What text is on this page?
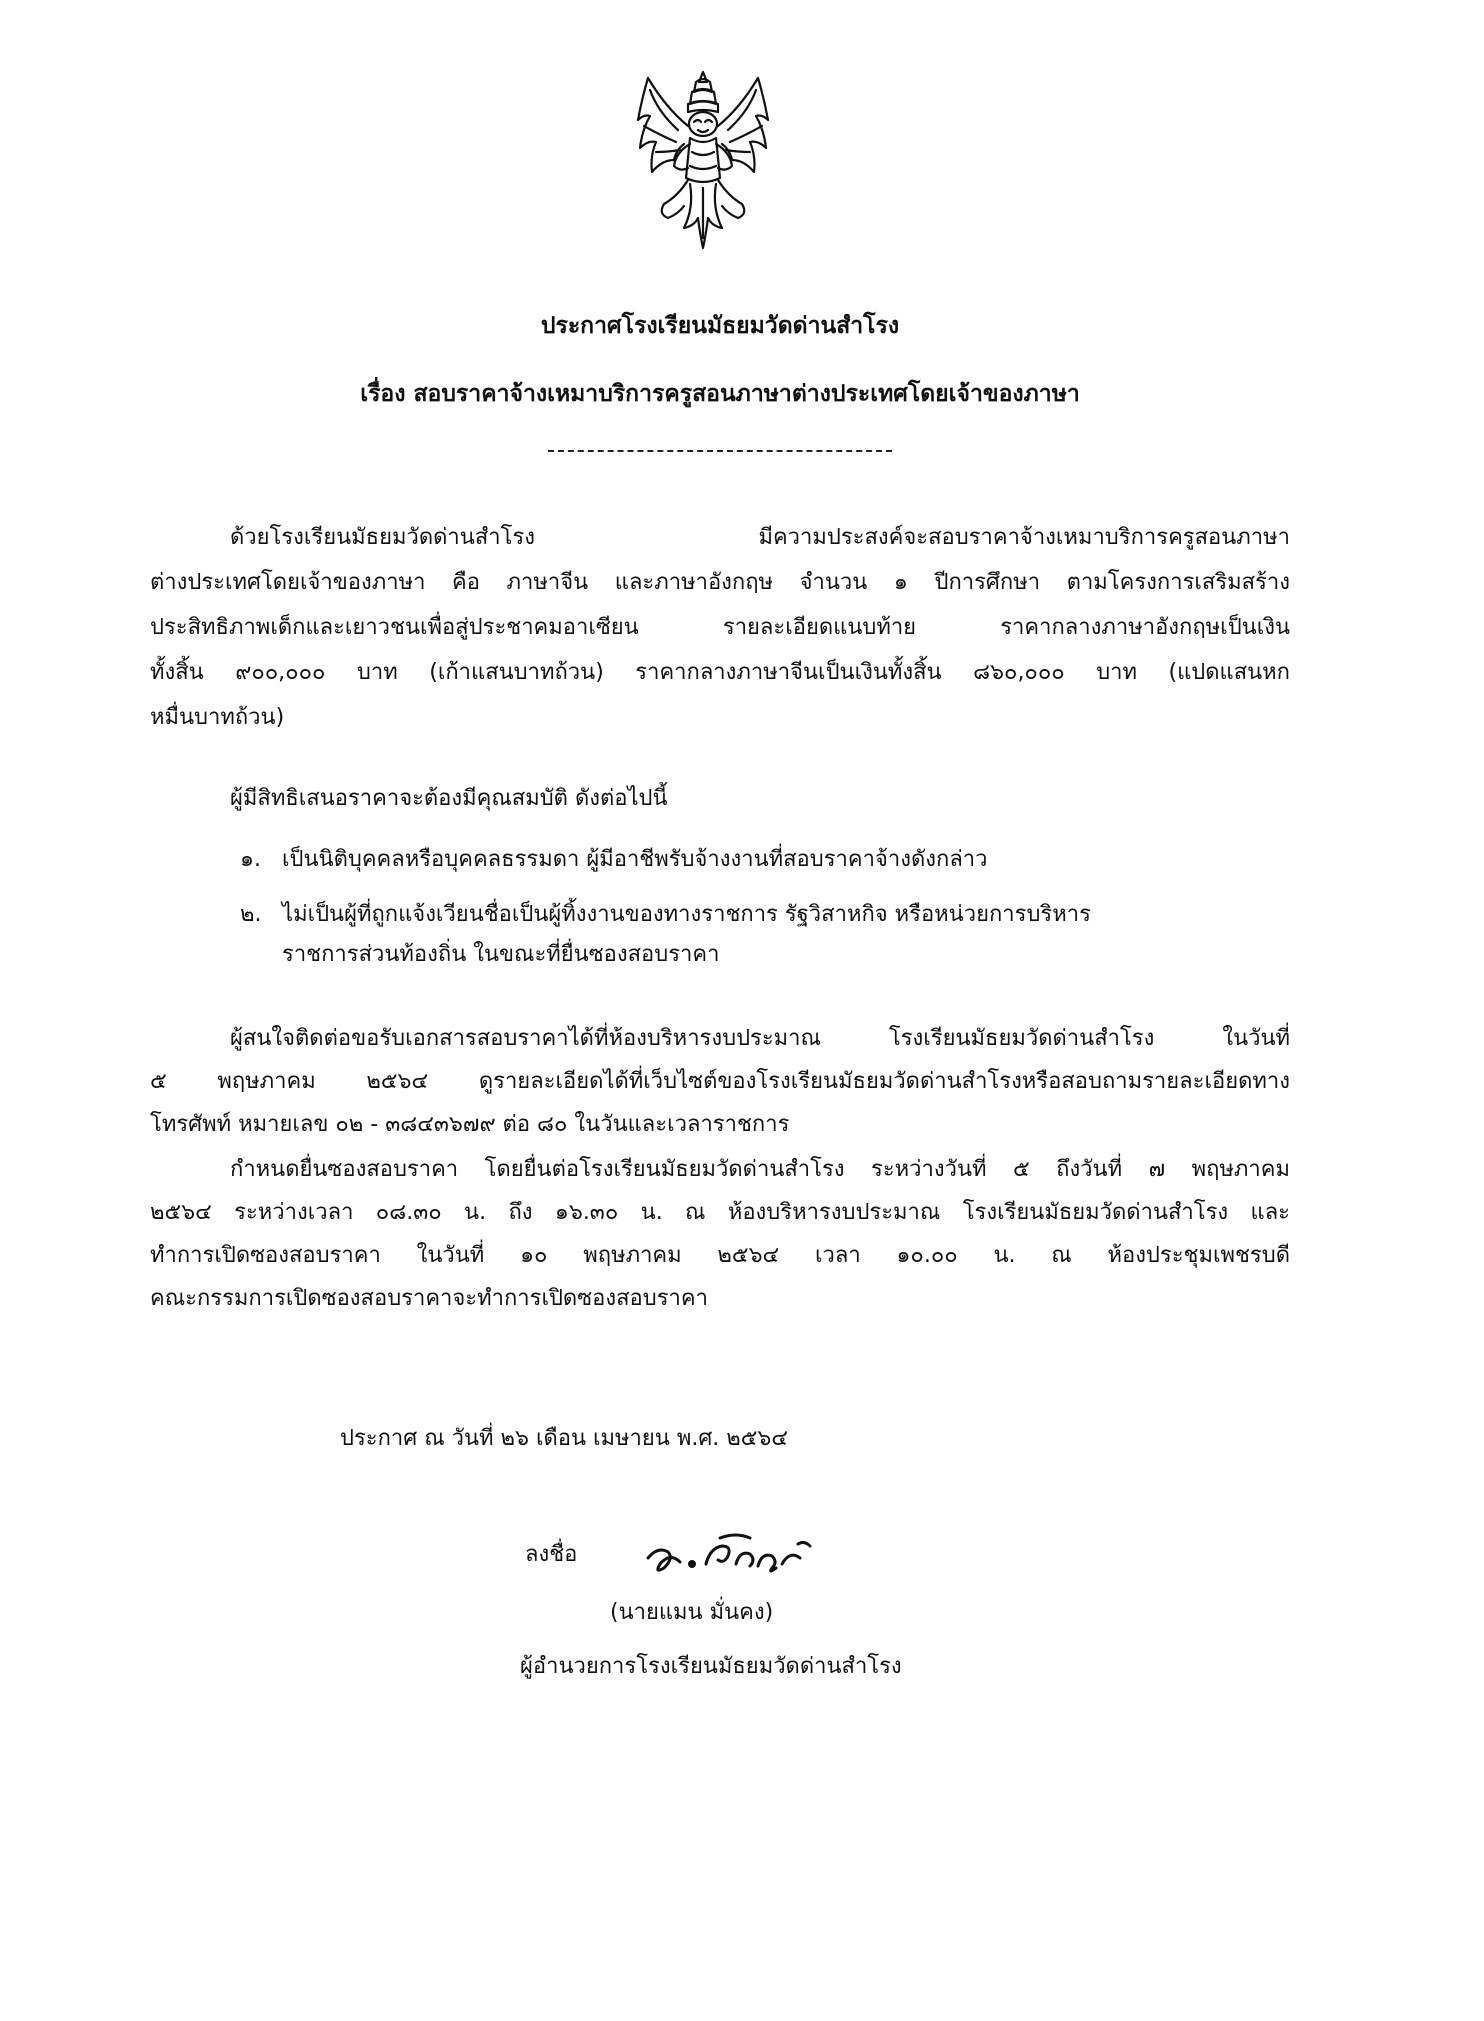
ประกาศโรงเรียนมัธยมวัดด่านสำโรง
เรื่อง สอบราคาจ้างเหมาบริการครูสอนภาษาต่างประเทศโดยเจ้าของภาษา
ด้วยโรงเรียนมัธยมวัดด่านสำโรง มีความประสงค์จะสอบราคาจ้างเหมาบริการครูสอนภาษา
ต่างประเทศโดยเจ้าของภาษา คือ ภาษาจีน และภาษาอังกฤษ จำนวน ๑ ปีการศึกษา ตามโครงการเสริมสร้าง
ประสิทธิภาพเด็กและเยาวชนเพื่อสู่ประชาคมอาเซียน รายละเอียดแนบท้าย ราคากลางภาษาอังกฤษเป็นเงิน
ทั้งสิ้น ๙๐๐,๐๐๐ บาท (เก้าแสนบาทถ้วน) ราคากลางภาษาจีนเป็นเงินทั้งสิ้น ๘๖๐,๐๐๐ บาท (แปดแสนหก
หมื่นบาทถ้วน)
ผู้มีสิทธิเสนอราคาจะต้องมีคุณสมบัติ ดังต่อไปนี้
๑. เป็นนิติบุคคลหรือบุคคลธรรมดา ผู้มีอาชีพรับจ้างงานที่สอบราคาจ้างดังกล่าว
๒. ไม่เป็นผู้ที่ถูกแจ้งเวียนชื่อเป็นผู้ทิ้งงานของทางราชการ รัฐวิสาหกิจ หรือหน่วยการบริหาร
ราชการส่วนท้องถิ่น ในขณะที่ยื่นซองสอบราคา
ผู้สนใจติดต่อขอรับเอกสารสอบราคาได้ที่ห้องบริหารงบประมาณ โรงเรียนมัธยมวัดด่านสำโรง ในวันที่
๕ พฤษภาคม ๒๕๖๔ ดูรายละเอียดได้ที่เว็บไซต์ของโรงเรียนมัธยมวัดด่านสำโรงหรือสอบถามรายละเอียดทาง
โทรศัพท์ หมายเลข ๐๒ - ๓๘๔๓๖๗๙ ต่อ ๘๐ ในวันและเวลาราชการ
กำหนดยื่นซองสอบราคา โดยยื่นต่อโรงเรียนมัธยมวัดด่านสำโรง ระหว่างวันที่ ๕ ถึงวันที่ ๗ พฤษภาคม
๒๕๖๔ ระหว่างเวลา ๐๘.๓๐ น. ถึง ๑๖.๓๐ น. ณ ห้องบริหารงบประมาณ โรงเรียนมัธยมวัดด่านสำโรง และ
ทำการเปิดซองสอบราคา ในวันที่ ๑๐ พฤษภาคม ๒๕๖๔ เวลา ๑๐.๐๐ น. ณ ห้องประชุมเพชรบดี
คณะกรรมการเปิดซองสอบราคาจะทำการเปิดซองสอบราคา
ประกาศ ณ วันที่ ๒๖ เดือน เมษายน พ.ศ. ๒๕๖๔
ลงชื่อ
(นายแมน มั่นคง)
ผู้อำนวยการโรงเรียนมัธยมวัดด่านสำโรง
